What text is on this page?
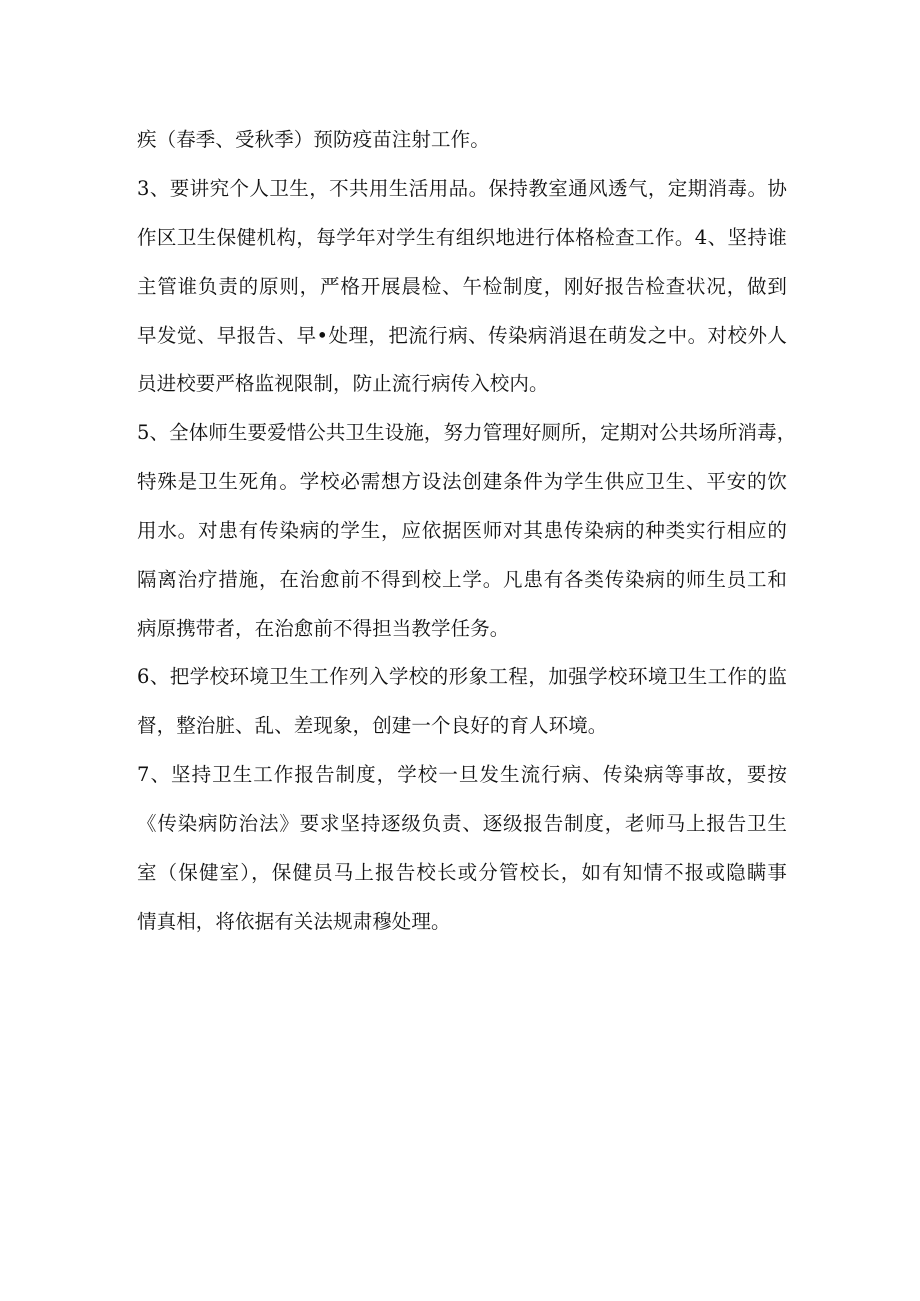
疾（春季、受秋季）预防疫苗注射工作。
3、要讲究个人卫生，不共用生活用品。保持教室通风透气，定期消毒。协
作区卫生保健机构，每学年对学生有组织地进行体格检查工作。4、坚持谁
主管谁负责的原则，严格开展晨检、午检制度，刚好报告检查状况，做到
早发觉、早报告、早•处理，把流行病、传染病消退在萌发之中。对校外人
员进校要严格监视限制，防止流行病传入校内。
5、全体师生要爱惜公共卫生设施，努力管理好厕所，定期对公共场所消毒，
特殊是卫生死角。学校必需想方设法创建条件为学生供应卫生、平安的饮
用水。对患有传染病的学生，应依据医师对其患传染病的种类实行相应的
隔离治疗措施，在治愈前不得到校上学。凡患有各类传染病的师生员工和
病原携带者，在治愈前不得担当教学任务。
6、把学校环境卫生工作列入学校的形象工程，加强学校环境卫生工作的监
督，整治脏、乱、差现象，创建一个良好的育人环境。
7、坚持卫生工作报告制度，学校一旦发生流行病、传染病等事故，要按
《传染病防治法》要求坚持逐级负责、逐级报告制度，老师马上报告卫生
室（保健室），保健员马上报告校长或分管校长，如有知情不报或隐瞒事
情真相，将依据有关法规肃穆处理。
